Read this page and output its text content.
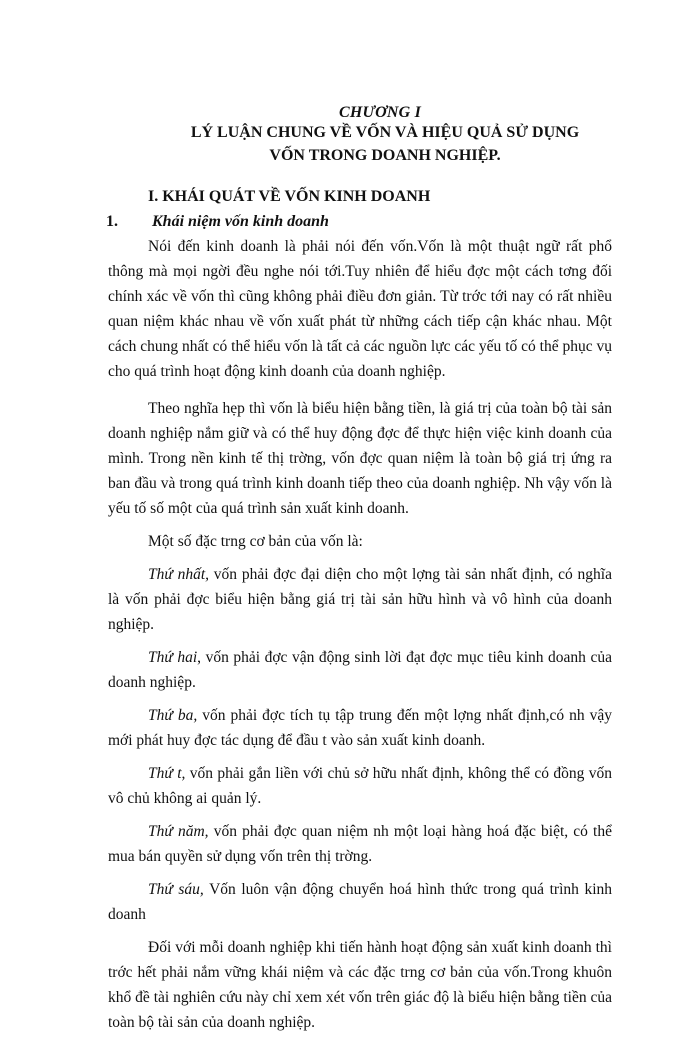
CHƯƠNG I
LÝ LUẬN CHUNG VỀ VỐN VÀ HIỆU QUẢ SỬ DỤNG
VỐN TRONG DOANH NGHIỆP.
I. KHÁI QUÁT VỀ VỐN KINH DOANH
1. Khái niệm vốn kinh doanh

Nói đến kinh doanh là phải nói đến vốn.Vốn là một thuật ngữ rất phổ thông mà mọi ngời đều nghe nói tới.Tuy nhiên để hiểu đợc một cách tơng đối chính xác về vốn thì cũng không phải điều đơn giản. Từ trớc tới nay có rất nhiều quan niệm khác nhau về vốn xuất phát từ những cách tiếp cận khác nhau. Một cách chung nhất có thể hiểu vốn là tất cả các nguồn lực các yếu tố có thể phục vụ cho quá trình hoạt động kinh doanh của doanh nghiệp.

Theo nghĩa hẹp thì vốn là biểu hiện bằng tiền, là giá trị của toàn bộ tài sản doanh nghiệp nắm giữ và có thể huy động đợc để thực hiện việc kinh doanh của mình. Trong nền kinh tế thị trờng, vốn đợc quan niệm là toàn bộ giá trị ứng ra ban đầu và trong quá trình kinh doanh tiếp theo của doanh nghiệp. Nh vậy vốn là yếu tố số một của quá trình sản xuất kinh doanh.

Một số đặc trng cơ bản của vốn là:

Thứ nhất, vốn phải đợc đại diện cho một lợng tài sản nhất định, có nghĩa là vốn phải đợc biểu hiện bằng giá trị tài sản hữu hình và vô hình của doanh nghiệp.

Thứ hai, vốn phải đợc vận động sinh lời đạt đợc mục tiêu kinh doanh của doanh nghiệp.

Thứ ba, vốn phải đợc tích tụ tập trung đến một lợng nhất định,có nh vậy mới phát huy đợc tác dụng để đầu t vào sản xuất kinh doanh.

Thứ t, vốn phải gắn liền với chủ sở hữu nhất định, không thể có đồng vốn vô chủ không ai quản lý.

Thứ năm, vốn phải đợc quan niệm nh một loại hàng hoá đặc biệt, có thể mua bán quyền sử dụng vốn trên thị trờng.

Thứ sáu, Vốn luôn vận động chuyển hoá hình thức trong quá trình kinh doanh

Đối với mỗi doanh nghiệp khi tiến hành hoạt động sản xuất kinh doanh thì trớc hết phải nắm vững khái niệm và các đặc trng cơ bản của vốn.Trong khuôn khổ đề tài nghiên cứu này chỉ xem xét vốn trên giác độ là biểu hiện bằng tiền của toàn bộ tài sản của doanh nghiệp.
